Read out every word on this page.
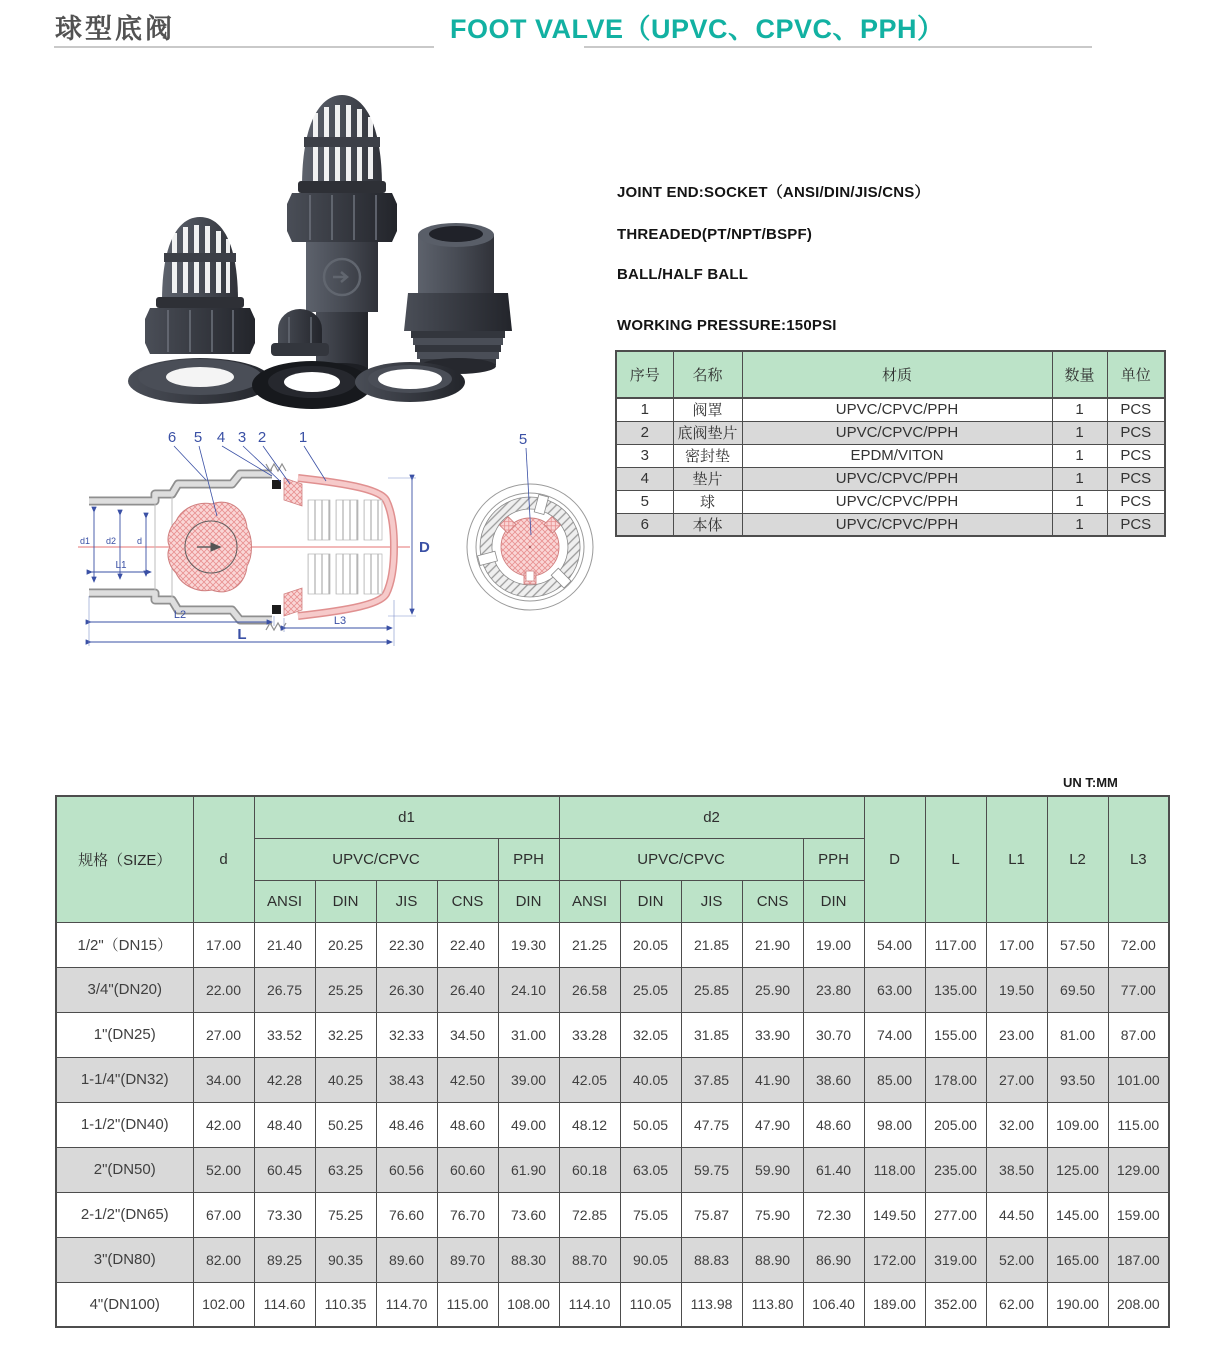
球型底阀	FOOT VALVE（UPVC、CPVC、PPH）
6 5 4 3 2 1
d1 d2 d
L1
L2	L3
L
D
5
JOINT END:SOCKET（ANSI/DIN/JIS/CNS）
THREADED(PT/NPT/BSPF)
BALL/HALF BALL
WORKING PRESSURE:150PSI
序号	名称	材质	数量	单位
1	阀罩	UPVC/CPVC/PPH	1	PCS
2	底阀垫片	UPVC/CPVC/PPH	1	PCS
3	密封垫	EPDM/VITON	1	PCS
4	垫片	UPVC/CPVC/PPH	1	PCS
5	球	UPVC/CPVC/PPH	1	PCS
6	本体	UPVC/CPVC/PPH	1	PCS
UN T:MM
规格（SIZE）	d	d1					d2					D	L	L1	L2	L3
		UPVC/CPVC				PPH	UPVC/CPVC				PPH					
		ANSI	DIN	JIS	CNS	DIN	ANSI	DIN	JIS	CNS	DIN					
1/2"（DN15）	17.00	21.40	20.25	22.30	22.40	19.30	21.25	20.05	21.85	21.90	19.00	54.00	117.00	17.00	57.50	72.00
3/4"(DN20)	22.00	26.75	25.25	26.30	26.40	24.10	26.58	25.05	25.85	25.90	23.80	63.00	135.00	19.50	69.50	77.00
1"(DN25)	27.00	33.52	32.25	32.33	34.50	31.00	33.28	32.05	31.85	33.90	30.70	74.00	155.00	23.00	81.00	87.00
1-1/4"(DN32)	34.00	42.28	40.25	38.43	42.50	39.00	42.05	40.05	37.85	41.90	38.60	85.00	178.00	27.00	93.50	101.00
1-1/2"(DN40)	42.00	48.40	50.25	48.46	48.60	49.00	48.12	50.05	47.75	47.90	48.60	98.00	205.00	32.00	109.00	115.00
2"(DN50)	52.00	60.45	63.25	60.56	60.60	61.90	60.18	63.05	59.75	59.90	61.40	118.00	235.00	38.50	125.00	129.00
2-1/2"(DN65)	67.00	73.30	75.25	76.60	76.70	73.60	72.85	75.05	75.87	75.90	72.30	149.50	277.00	44.50	145.00	159.00
3"(DN80)	82.00	89.25	90.35	89.60	89.70	88.30	88.70	90.05	88.83	88.90	86.90	172.00	319.00	52.00	165.00	187.00
4"(DN100)	102.00	114.60	110.35	114.70	115.00	108.00	114.10	110.05	113.98	113.80	106.40	189.00	352.00	62.00	190.00	208.00
